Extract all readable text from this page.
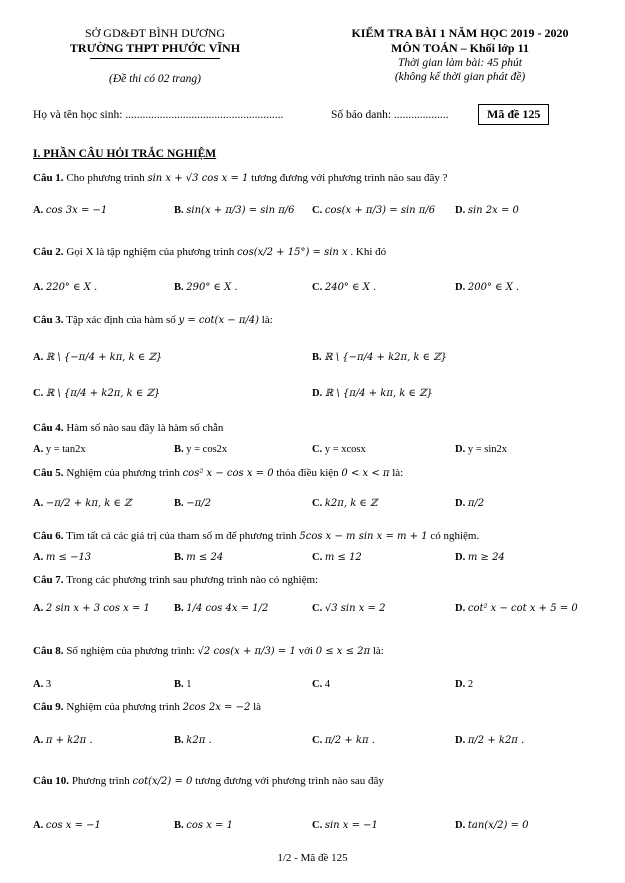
SỞ GD&ĐT BÌNH DƯƠNG
TRƯỜNG THPT PHƯỚC VĨNH
(Đề thi có 02 trang)
KIỂM TRA BÀI 1 NĂM HỌC 2019 - 2020
MÔN TOÁN – Khối lớp 11
Thời gian làm bài: 45 phút
(không kể thời gian phát đề)
Họ và tên học sinh: .......................................................	Số báo danh: ...................	Mã đề 125
I. PHẦN CÂU HỎI TRẮC NGHIỆM
Câu 1. Cho phương trình sin x + √3 cos x = 1 tương đương với phương trình nào sau đây ?
A. cos 3x = −1	B. sin(x + π/3) = sin π/6 C. cos(x + π/3) = sin π/6 D. sin 2x = 0
Câu 2. Gọi X là tập nghiệm của phương trình cos(x/2 + 15°) = sin x . Khi đó
A. 220° ∈ X .	B. 290° ∈ X .	C. 240° ∈ X .	D. 200° ∈ X .
Câu 3. Tập xác định của hàm số y = cot(x − π/4) là:
A. ℝ \ {−π/4 + kπ, k ∈ ℤ}	B. ℝ \ {−π/4 + k2π, k ∈ ℤ}
C. ℝ \ {π/4 + k2π, k ∈ ℤ}	D. ℝ \ {π/4 + kπ, k ∈ ℤ}
Câu 4. Hàm số nào sau đây là hàm số chẵn
A. y = tan2x	B. y = cos2x	C. y = xcosx	D. y = sin2x
Câu 5. Nghiệm của phương trình cos² x − cos x = 0 thỏa điều kiện 0 < x < π là:
A. −π/2 + kπ, k ∈ ℤ	B. −π/2	C. k2π, k ∈ ℤ	D. π/2
Câu 6. Tìm tất cả các giá trị của tham số m để phương trình 5cos x − m sin x = m + 1 có nghiệm.
A. m ≤ −13	B. m ≤ 24	C. m ≤ 12	D. m ≥ 24
Câu 7. Trong các phương trình sau phương trình nào có nghiệm:
A. 2 sin x + 3 cos x = 1 B. 1/4 cos 4x = 1/2	C. √3 sin x = 2	D. cot² x − cot x + 5 = 0
Câu 8. Số nghiệm của phương trình: √2 cos(x + π/3) = 1 với 0 ≤ x ≤ 2π là:
A. 3	B. 1	C. 4	D. 2
Câu 9. Nghiệm của phương trình 2cos 2x = −2 là
A. π + k2π .	B. k2π .	C. π/2 + kπ .	D. π/2 + k2π .
Câu 10. Phương trình cot(x/2) = 0 tương đương với phương trình nào sau đây
A. cos x = −1	B. cos x = 1	C. sin x = −1	D. tan(x/2) = 0
1/2 - Mã đề 125
